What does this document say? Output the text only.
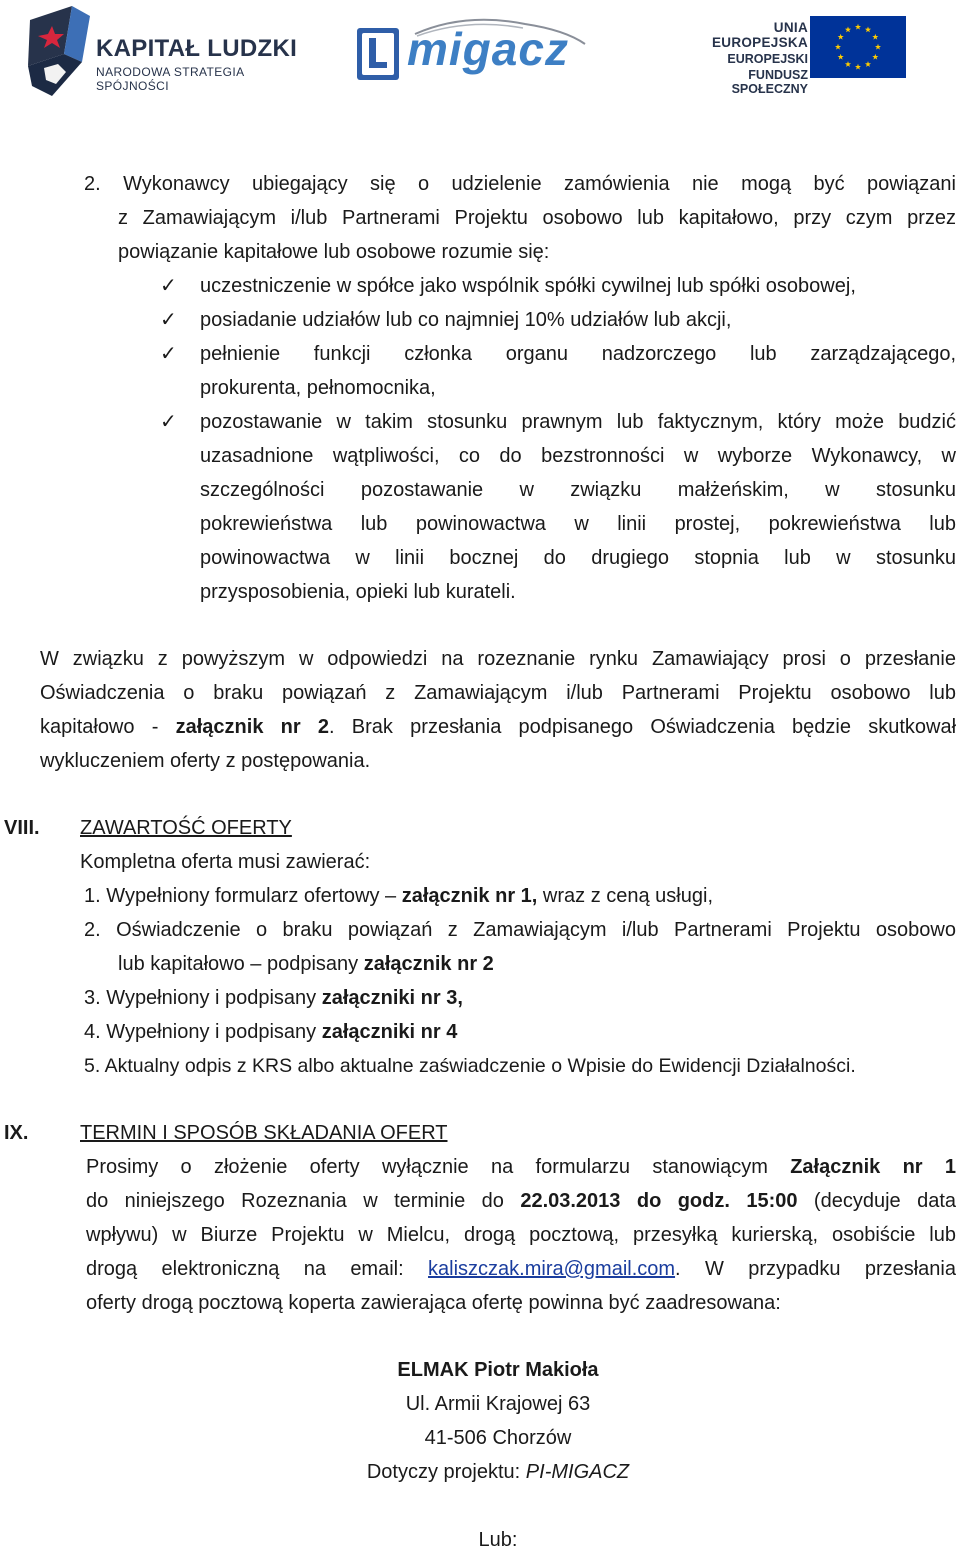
KAPITAŁ LUDZKI
NARODOWA STRATEGIA SPÓJNOŚCI
migacz	UNIA EUROPEJSKA
EUROPEJSKI
FUNDUSZ SPOŁECZNY
2. Wykonawcy ubiegający się o udzielenie zamówienia nie mogą być powiązani
z Zamawiającym i/lub Partnerami Projektu osobowo lub kapitałowo, przy czym przez
powiązanie kapitałowe lub osobowe rozumie się:
✓ uczestniczenie w spółce jako wspólnik spółki cywilnej lub spółki osobowej,
✓ posiadanie udziałów lub co najmniej 10% udziałów lub akcji,
✓ pełnienie funkcji członka organu nadzorczego lub zarządzającego,
prokurenta, pełnomocnika,
✓ pozostawanie w takim stosunku prawnym lub faktycznym, który może budzić
uzasadnione wątpliwości, co do bezstronności w wyborze Wykonawcy, w
szczególności pozostawanie w związku małżeńskim, w stosunku
pokrewieństwa lub powinowactwa w linii prostej, pokrewieństwa lub
powinowactwa w linii bocznej do drugiego stopnia lub w stosunku
przysposobienia, opieki lub kurateli.
W związku z powyższym w odpowiedzi na rozeznanie rynku Zamawiający prosi o przesłanie
Oświadczenia o braku powiązań z Zamawiającym i/lub Partnerami Projektu osobowo lub
kapitałowo - załącznik nr 2. Brak przesłania podpisanego Oświadczenia będzie skutkował
wykluczeniem oferty z postępowania.
VIII. ZAWARTOŚĆ OFERTY
Kompletna oferta musi zawierać:
1. Wypełniony formularz ofertowy – załącznik nr 1, wraz z ceną usługi,
2. Oświadczenie o braku powiązań z Zamawiającym i/lub Partnerami Projektu osobowo
lub kapitałowo – podpisany załącznik nr 2
3. Wypełniony i podpisany załączniki nr 3,
4. Wypełniony i podpisany załączniki nr 4
5. Aktualny odpis z KRS albo aktualne zaświadczenie o Wpisie do Ewidencji Działalności.
IX.	TERMIN I SPOSÓB SKŁADANIA OFERT
Prosimy o złożenie oferty wyłącznie na formularzu stanowiącym Załącznik nr 1
do niniejszego Rozeznania w terminie do 22.03.2013 do godz. 15:00 (decyduje data
wpływu) w Biurze Projektu w Mielcu, drogą pocztową, przesyłką kurierską, osobiście lub
drogą elektroniczną na email: kaliszczak.mira@gmail.com. W przypadku przesłania
oferty drogą pocztową koperta zawierająca ofertę powinna być zaadresowana:
ELMAK Piotr Makioła
Ul. Armii Krajowej 63
41-506 Chorzów
Dotyczy projektu: PI-MIGACZ
Lub:
